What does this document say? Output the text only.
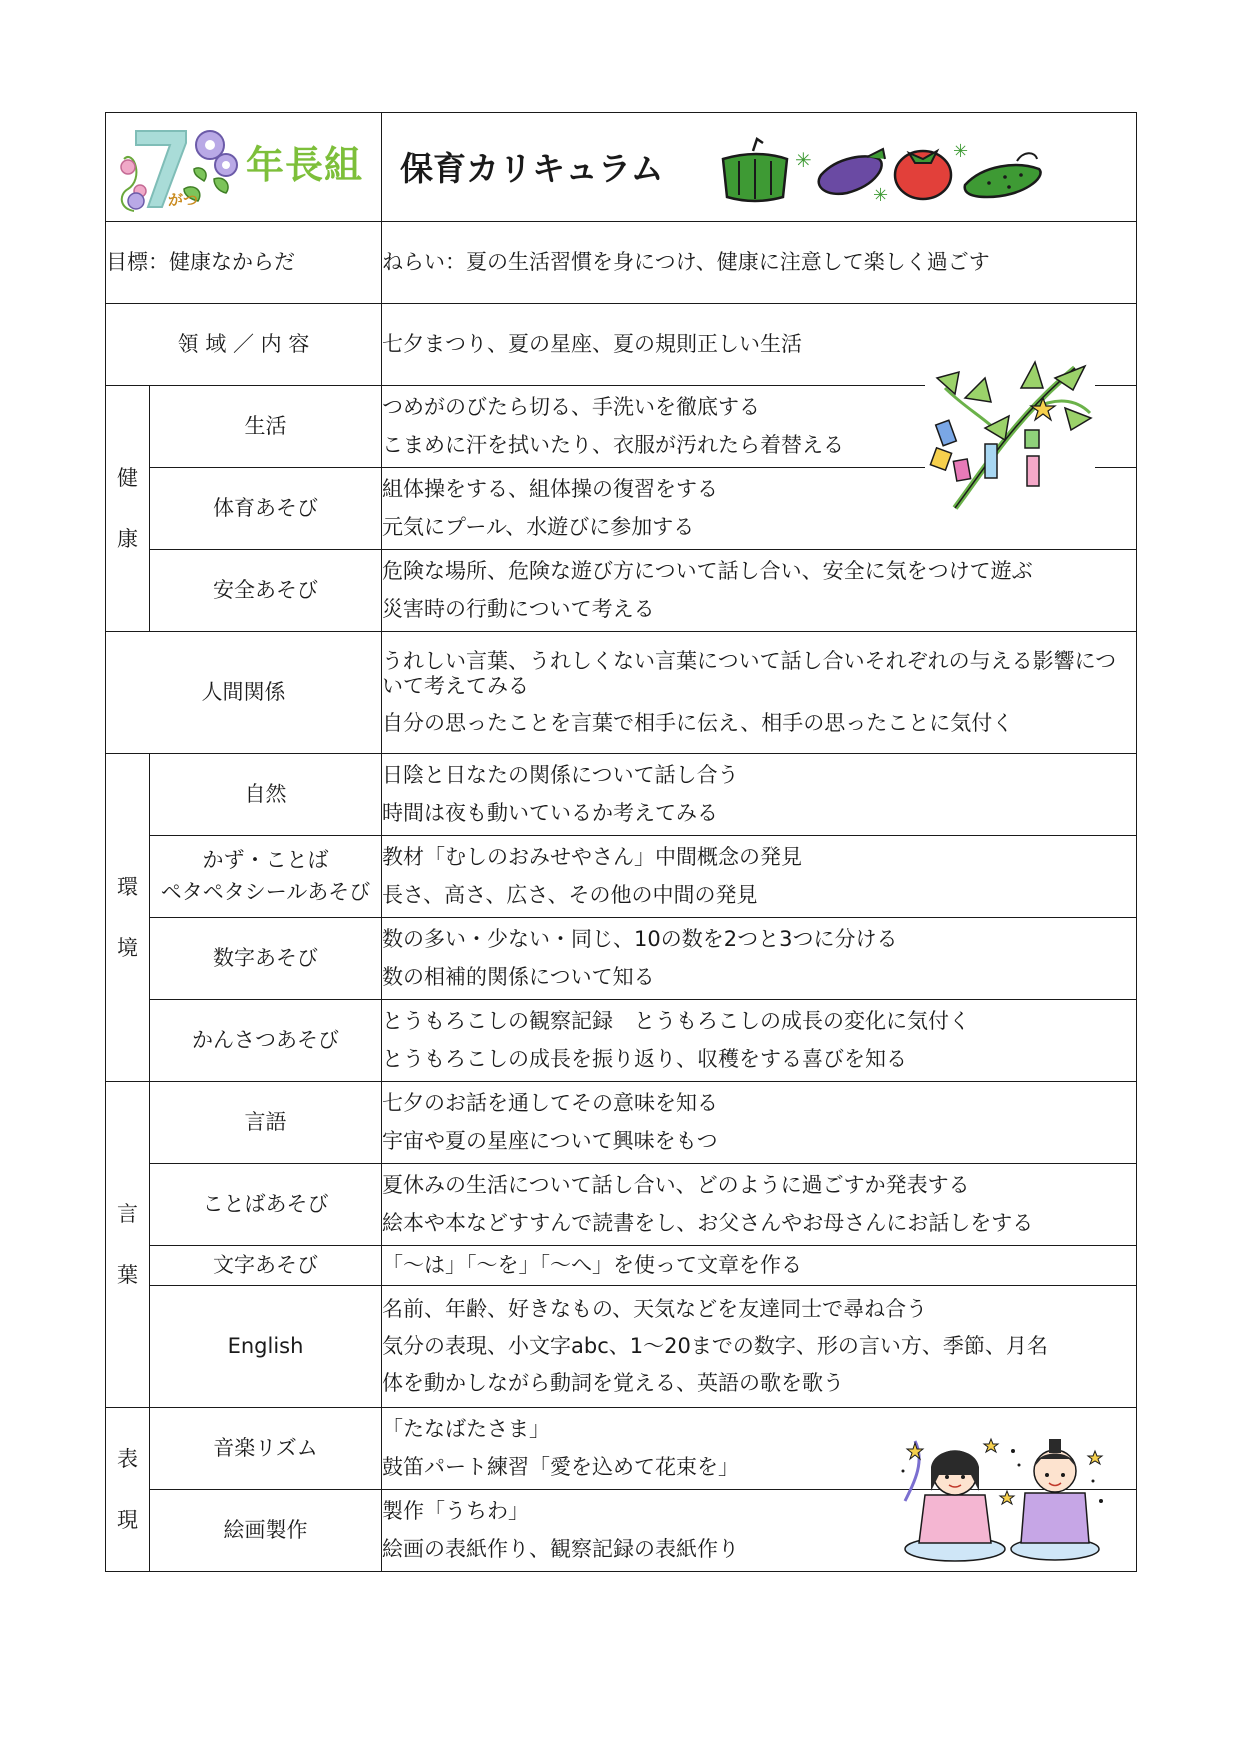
がつ
年長組		保育カリキュラム ✳
✳
✳

目標：健康なからだ		ねらい：夏の生活習慣を身につけ、健康に注意して楽しく過ごす
領 域 ／ 内 容		七夕まつり、夏の星座、夏の規則正しい生活
健
康	生活	つめがのびたら切る、手洗いを徹底する
こまめに汗を拭いたり、衣服が汚れたら着替える

	体育あそび	組体操をする、組体操の復習をする
元気にプール、水遊びに参加する

	安全あそび	危険な場所、危険な遊び方について話し合い、安全に気をつけて遊ぶ
災害時の行動について考える

人間関係		うれしい言葉、うれしくない言葉について話し合いそれぞれの与える影響について考えてみる
自分の思ったことを言葉で相手に伝え、相手の思ったことに気付く

環
境	自然	日陰と日なたの関係について話し合う
時間は夜も動いているか考えてみる

	かず・ことば
ペタペタシールあそび	教材「むしのおみせやさん」中間概念の発見
長さ、高さ、広さ、その他の中間の発見

	数字あそび	数の多い・少ない・同じ、10の数を2つと3つに分ける
数の相補的関係について知る

	かんさつあそび	とうもろこしの観察記録　とうもろこしの成長の変化に気付く
とうもろこしの成長を振り返り、収穫をする喜びを知る

言
葉	言語	七夕のお話を通してその意味を知る
宇宙や夏の星座について興味をもつ

	ことばあそび	夏休みの生活について話し合い、どのように過ごすか発表する
絵本や本などすすんで読書をし、お父さんやお母さんにお話しをする

	文字あそび	「〜は」「〜を」「〜へ」を使って文章を作る

	English	名前、年齢、好きなもの、天気などを友達同士で尋ね合う
気分の表現、小文字abc、1〜20までの数字、形の言い方、季節、月名
体を動かしながら動詞を覚える、英語の歌を歌う

表
現	音楽リズム	「たなばたさま」
鼓笛パート練習「愛を込めて花束を」

	絵画製作	製作「うちわ」
絵画の表紙作り、観察記録の表紙作り
